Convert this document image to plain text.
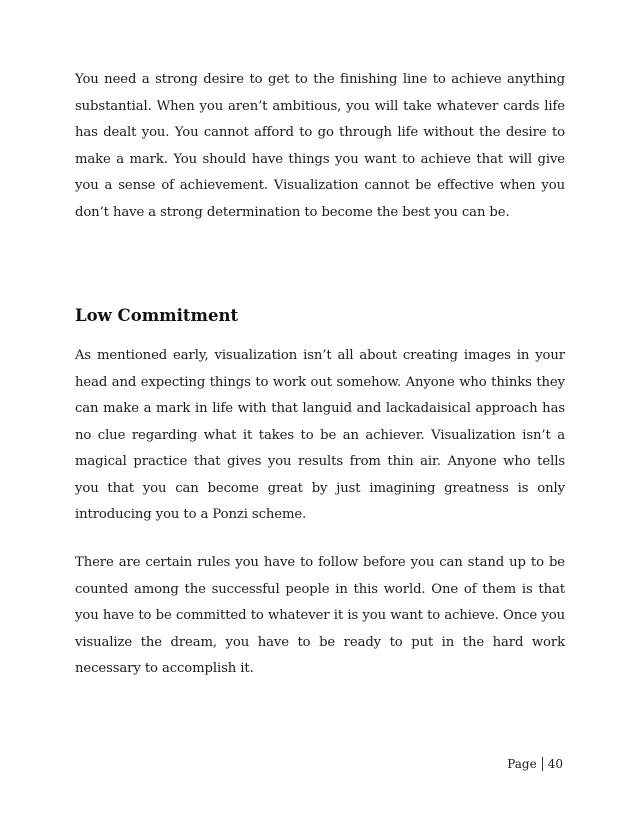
You need a strong desire to get to the finishing line to achieve anything substantial. When you aren’t ambitious, you will take whatever cards life has dealt you. You cannot afford to go through life without the desire to make a mark. You should have things you want to achieve that will give you a sense of achievement. Visualization cannot be effective when you don’t have a strong determination to become the best you can be.

Low Commitment

As mentioned early, visualization isn’t all about creating images in your head and expecting things to work out somehow. Anyone who thinks they can make a mark in life with that languid and lackadaisical approach has no clue regarding what it takes to be an achiever. Visualization isn’t a magical practice that gives you results from thin air. Anyone who tells you that you can become great by just imagining greatness is only introducing you to a Ponzi scheme.

There are certain rules you have to follow before you can stand up to be counted among the successful people in this world. One of them is that you have to be committed to whatever it is you want to achieve. Once you visualize the dream, you have to be ready to put in the hard work necessary to accomplish it.

Page 40
